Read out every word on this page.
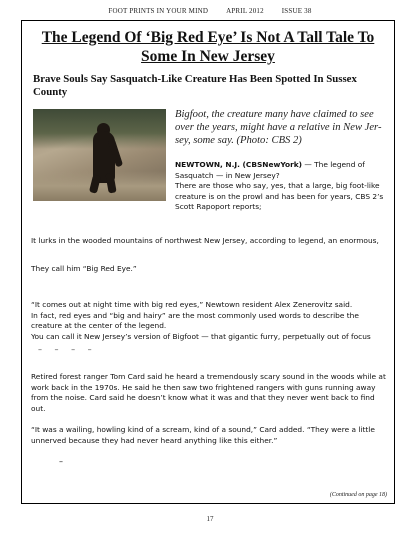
FOOT PRINTS IN YOUR MIND	APRIL 2012	ISSUE 38
The Legend Of ‘Big Red Eye’ Is Not A Tall Tale To Some In New Jersey
Brave Souls Say Sasquatch-Like Creature Has Been Spotted In Sussex County
Bigfoot, the creature many have claimed to see over the years, might have a relative in New Jer-sey, some say. (Photo: CBS 2)
NEWTOWN, N.J. (CBSNewYork) — The legend of Sasquatch — in New Jersey?
There are those who say, yes, that a large, big foot-like creature is on the prowl and has been for years, CBS 2’s Scott Rapoport reports;
It lurks in the wooded mountains of northwest New Jersey, according to legend, an enormous,
They call him “Big Red Eye.”
“It comes out at night time with big red eyes,” Newtown resident Alex Zenerovitz said.
In fact, red eyes and “big and hairy” are the most commonly used words to describe the creature at the center of the legend.
You can call it New Jersey’s version of Bigfoot — that gigantic furry, perpetually out of focus
– – – –
Retired forest ranger Tom Card said he heard a tremendously scary sound in the woods while at work back in the 1970s. He said he then saw two frightened rangers with guns running away from the noise. Card said he doesn’t know what it was and that they never went back to find out.
“It was a wailing, howling kind of a scream, kind of a sound,” Card added. “They were a little unnerved because they had never heard anything like this either.”
–
(Continued on page 18)
17
